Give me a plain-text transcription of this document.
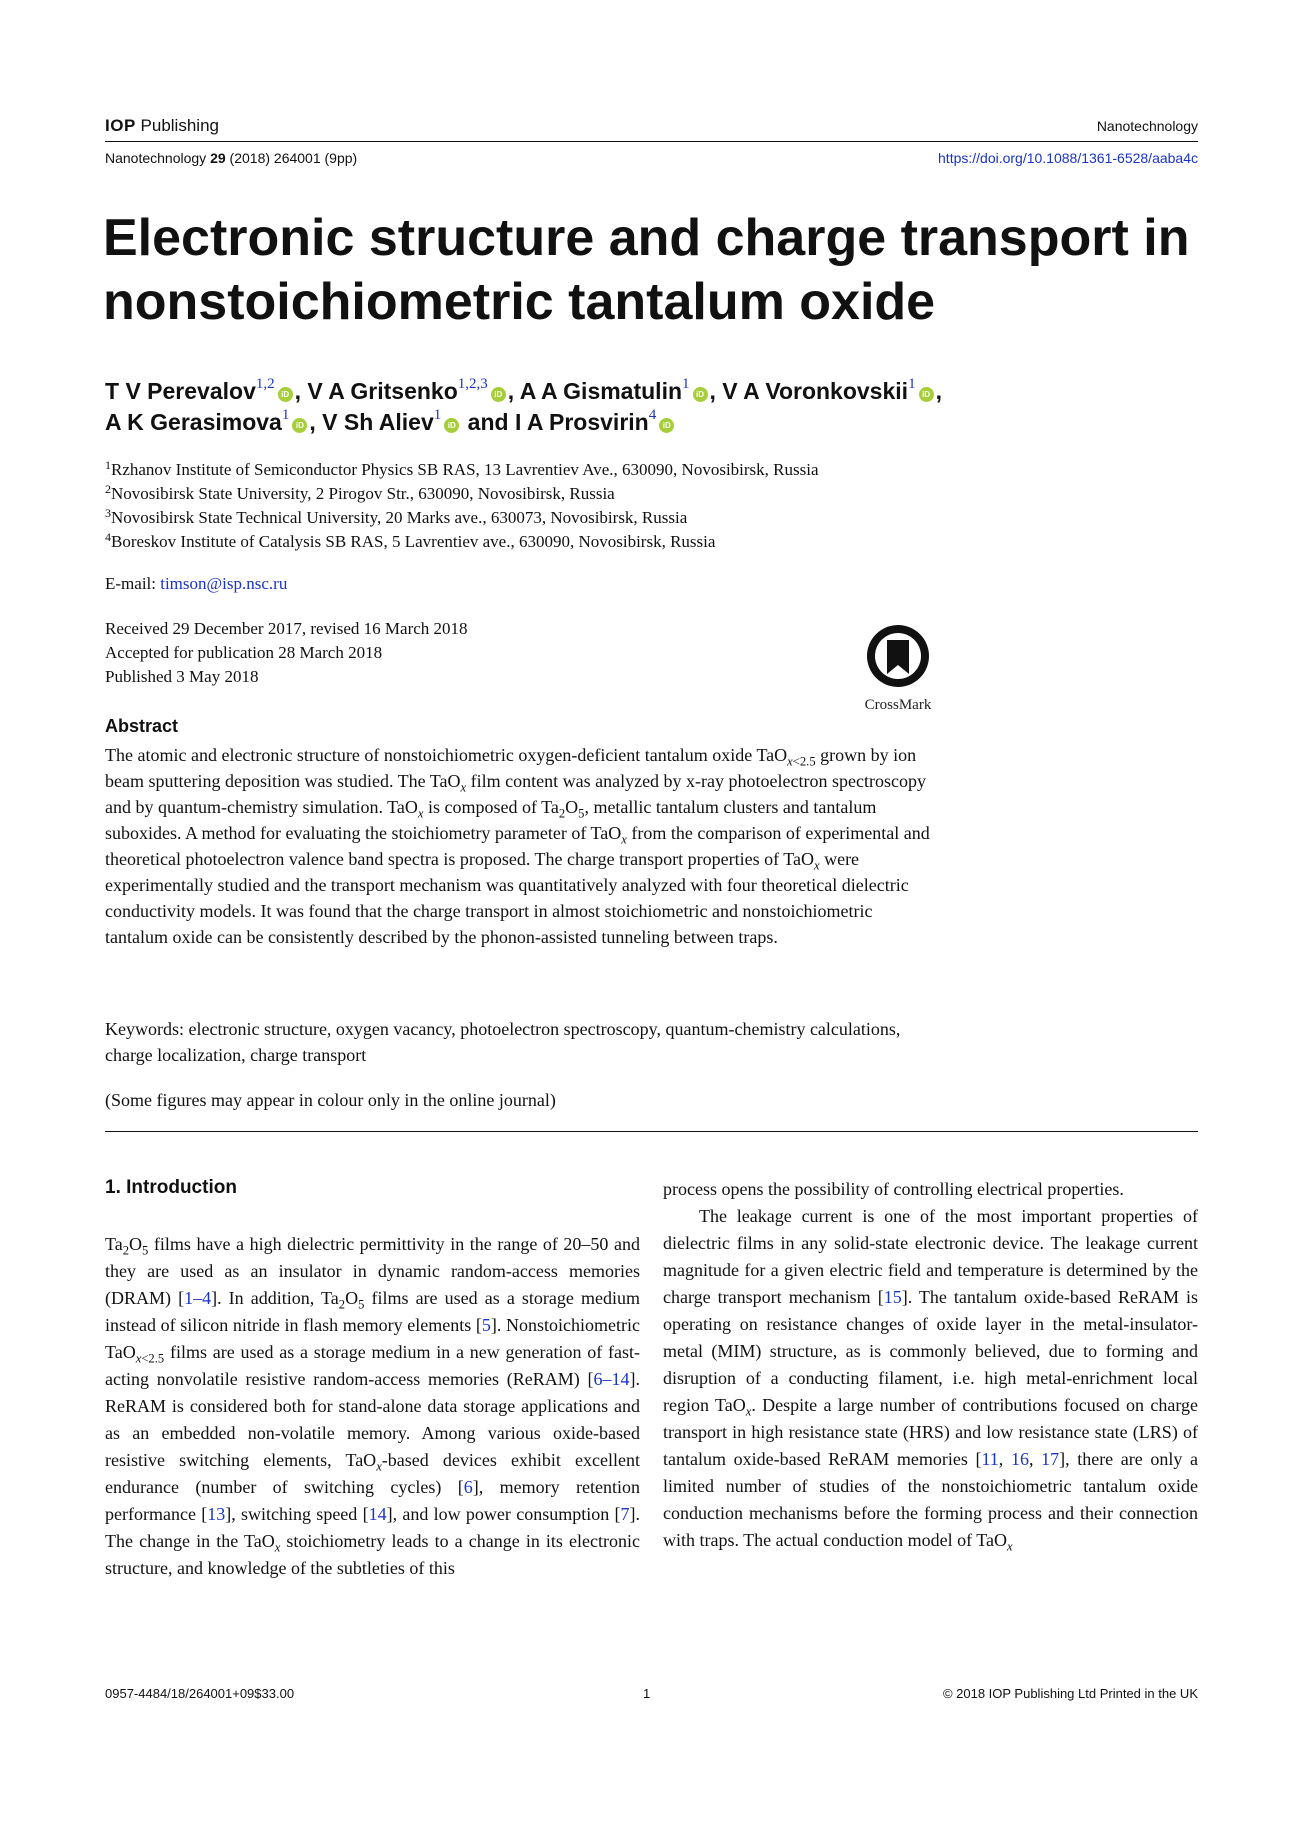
IOP Publishing	Nanotechnology
Nanotechnology 29 (2018) 264001 (9pp)	https://doi.org/10.1088/1361-6528/aaba4c
Electronic structure and charge transport in
nonstoichiometric tantalum oxide
T V Perevalov$^{1,2}$iD , V A Gritsenko$^{1,2,3}$iD , A A Gismatulin$^1$iD , V A Voronkovskii$^1$iD ,
A K Gerasimova$^1$iD , V Sh Aliev$^1$iD and I A Prosvirin$^4$iD
$^1$Rzhanov Institute of Semiconductor Physics SB RAS, 13 Lavrentiev Ave., 630090, Novosibirsk, Russia
$^2$Novosibirsk State University, 2 Pirogov Str., 630090, Novosibirsk, Russia
$^3$Novosibirsk State Technical University, 20 Marks ave., 630073, Novosibirsk, Russia
$^4$Boreskov Institute of Catalysis SB RAS, 5 Lavrentiev ave., 630090, Novosibirsk, Russia
E-mail: timson@isp.nsc.ru
Received 29 December 2017, revised 16 March 2018
Accepted for publication 28 March 2018
Published 3 May 2018
CrossMark
Abstract
The atomic and electronic structure of nonstoichiometric oxygen-deficient tantalum oxide TaO$_{x<2.5}$ grown by ion beam sputtering deposition was studied. The TaO$_x$ film content was analyzed by x-ray photoelectron spectroscopy and by quantum-chemistry simulation. TaO$_x$ is composed of $Ta_2O_5$, metallic tantalum clusters and tantalum suboxides. A method for evaluating the stoichiometry parameter of TaO$_x$ from the comparison of experimental and theoretical photoelectron valence band spectra is proposed. The charge transport properties of TaO$_x$ were experimentally studied and the transport mechanism was quantitatively analyzed with four theoretical dielectric conductivity models. It was found that the charge transport in almost stoichiometric and nonstoichiometric tantalum oxide can be consistently described by the phonon-assisted tunneling between traps.
Keywords: electronic structure, oxygen vacancy, photoelectron spectroscopy, quantum-chemistry calculations, charge localization, charge transport
(Some figures may appear in colour only in the online journal)
1. Introduction
$Ta_2O_5$ films have a high dielectric permittivity in the range of 20–50 and they are used as an insulator in dynamic random-access memories (DRAM) [1–4]. In addition, $Ta_2O_5$ films are used as a storage medium instead of silicon nitride in flash memory elements [5]. Nonstoichiometric TaO$_{x<2.5}$ films are used as a storage medium in a new generation of fast-acting nonvolatile resistive random-access memories (ReRAM) [6–14]. ReRAM is considered both for stand-alone data storage applications and as an embedded non-volatile memory. Among various oxide-based resistive switching elements, TaO$_x$-based devices exhibit excellent endurance (number of switching cycles) [6], memory retention performance [13], switching speed [14], and low power consumption [7]. The change in the TaO$_x$ stoichiometry leads to a change in its electronic structure, and knowledge of the subtleties of this

process opens the possibility of controlling electrical properties.

The leakage current is one of the most important properties of dielectric films in any solid-state electronic device. The leakage current magnitude for a given electric field and temperature is determined by the charge transport mechanism [15]. The tantalum oxide-based ReRAM is operating on resistance changes of oxide layer in the metal-insulator-metal (MIM) structure, as is commonly believed, due to forming and disruption of a conducting filament, i.e. high metal-enrichment local region TaO$_x$. Despite a large number of contributions focused on charge transport in high resistance state (HRS) and low resistance state (LRS) of tantalum oxide-based ReRAM memories [11, 16, 17], there are only a limited number of studies of the nonstoichiometric tantalum oxide conduction mechanisms before the forming process and their connection with traps. The actual conduction model of TaO$_x$

0957-4484/18/264001+09$33.00	1	© 2018 IOP Publishing Ltd Printed in the UK
